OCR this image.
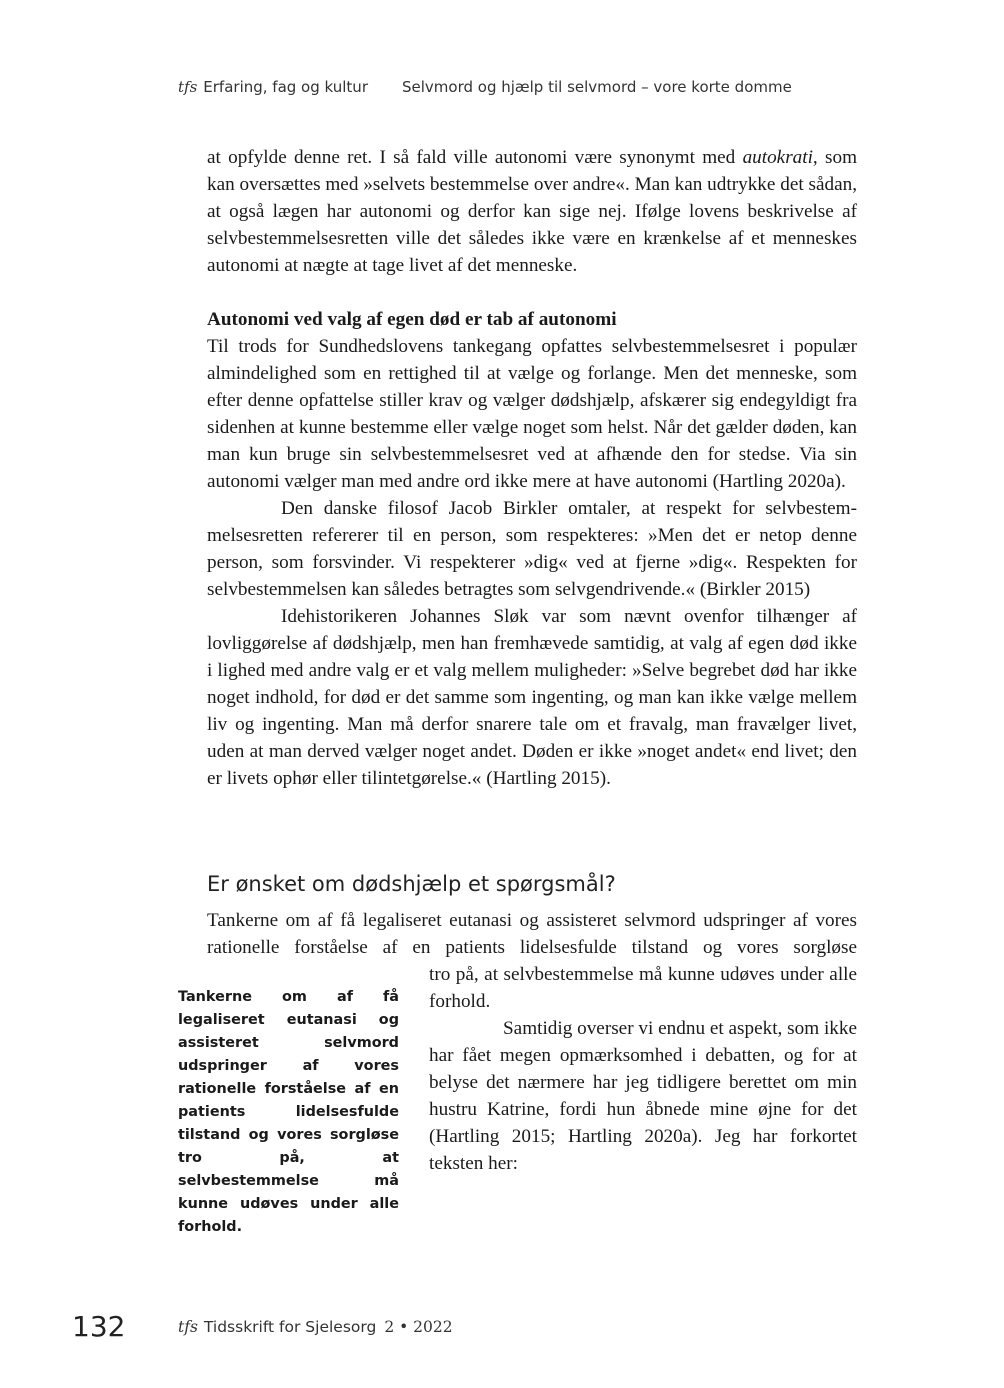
tfs Erfaring, fag og kultur Selvmord og hjælp til selvmord – vore korte domme

at opfylde denne ret. I så fald ville autonomi være synonymt med autokrati, som kan oversættes med »selvets bestemmelse over andre«. Man kan udtrykke det sådan, at også lægen har autonomi og derfor kan sige nej. Ifølge lovens beskrivelse af selvbestemmelsesretten ville det således ikke være en krænkelse af et menneskes autonomi at nægte at tage livet af det menneske.

Autonomi ved valg af egen død er tab af autonomi

Til trods for Sundhedslovens tankegang opfattes selvbestemmelsesret i populær almindelighed som en rettighed til at vælge og forlange. Men det menneske, som efter denne opfattelse stiller krav og vælger dødshjælp, afskærer sig endegyldigt fra sidenhen at kunne bestemme eller vælge noget som helst. Når det gælder døden, kan man kun bruge sin selvbestemmelsesret ved at afhænde den for stedse. Via sin autonomi vælger man med andre ord ikke mere at have autonomi (Hartling 2020a).

Den danske filosof Jacob Birkler omtaler, at respekt for selvbestemmelsesretten refererer til en person, som respekteres: »Men det er netop denne person, som forsvinder. Vi respekterer »dig« ved at fjerne »dig«. Respekten for selvbestemmelsen kan således betragtes som selvgendrivende.« (Birkler 2015)

Idehistorikeren Johannes Sløk var som nævnt ovenfor tilhænger af lovliggørelse af dødshjælp, men han fremhævede samtidig, at valg af egen død ikke i lighed med andre valg er et valg mellem muligheder: »Selve begrebet død har ikke noget indhold, for død er det samme som ingenting, og man kan ikke vælge mellem liv og ingenting. Man må derfor snarere tale om et fravalg, man fravælger livet, uden at man derved vælger noget andet. Døden er ikke »noget andet« end livet; den er livets ophør eller tilintetgørelse.« (Hartling 2015).

Er ønsket om dødshjælp et spørgsmål?

Tankerne om af få legaliseret eutanasi og assisteret selvmord udspringer af vores rationelle forståelse af en patients lidelsesfulde tilstand og vores sorgløse

tro på, at selvbestemmelse må kunne udøves under alle forhold.

Samtidig overser vi endnu et aspekt, som ikke har fået megen opmærksomhed i debatten, og for at belyse det nærmere har jeg tidligere berettet om min hustru Katrine, fordi hun åbnede mine øjne for det (Hartling 2015; Hartling 2020a). Jeg har forkortet teksten her:

Tankerne om af få legaliseret eutanasi og assisteret selvmord udspringer af vores rationelle forståelse af en patients lidelsesfulde tilstand og vores sorgløse tro på, at selvbestemmelse må kunne udøves under alle forhold.
132	tfs Tidsskrift for Sjelesorg 2 • 2022
